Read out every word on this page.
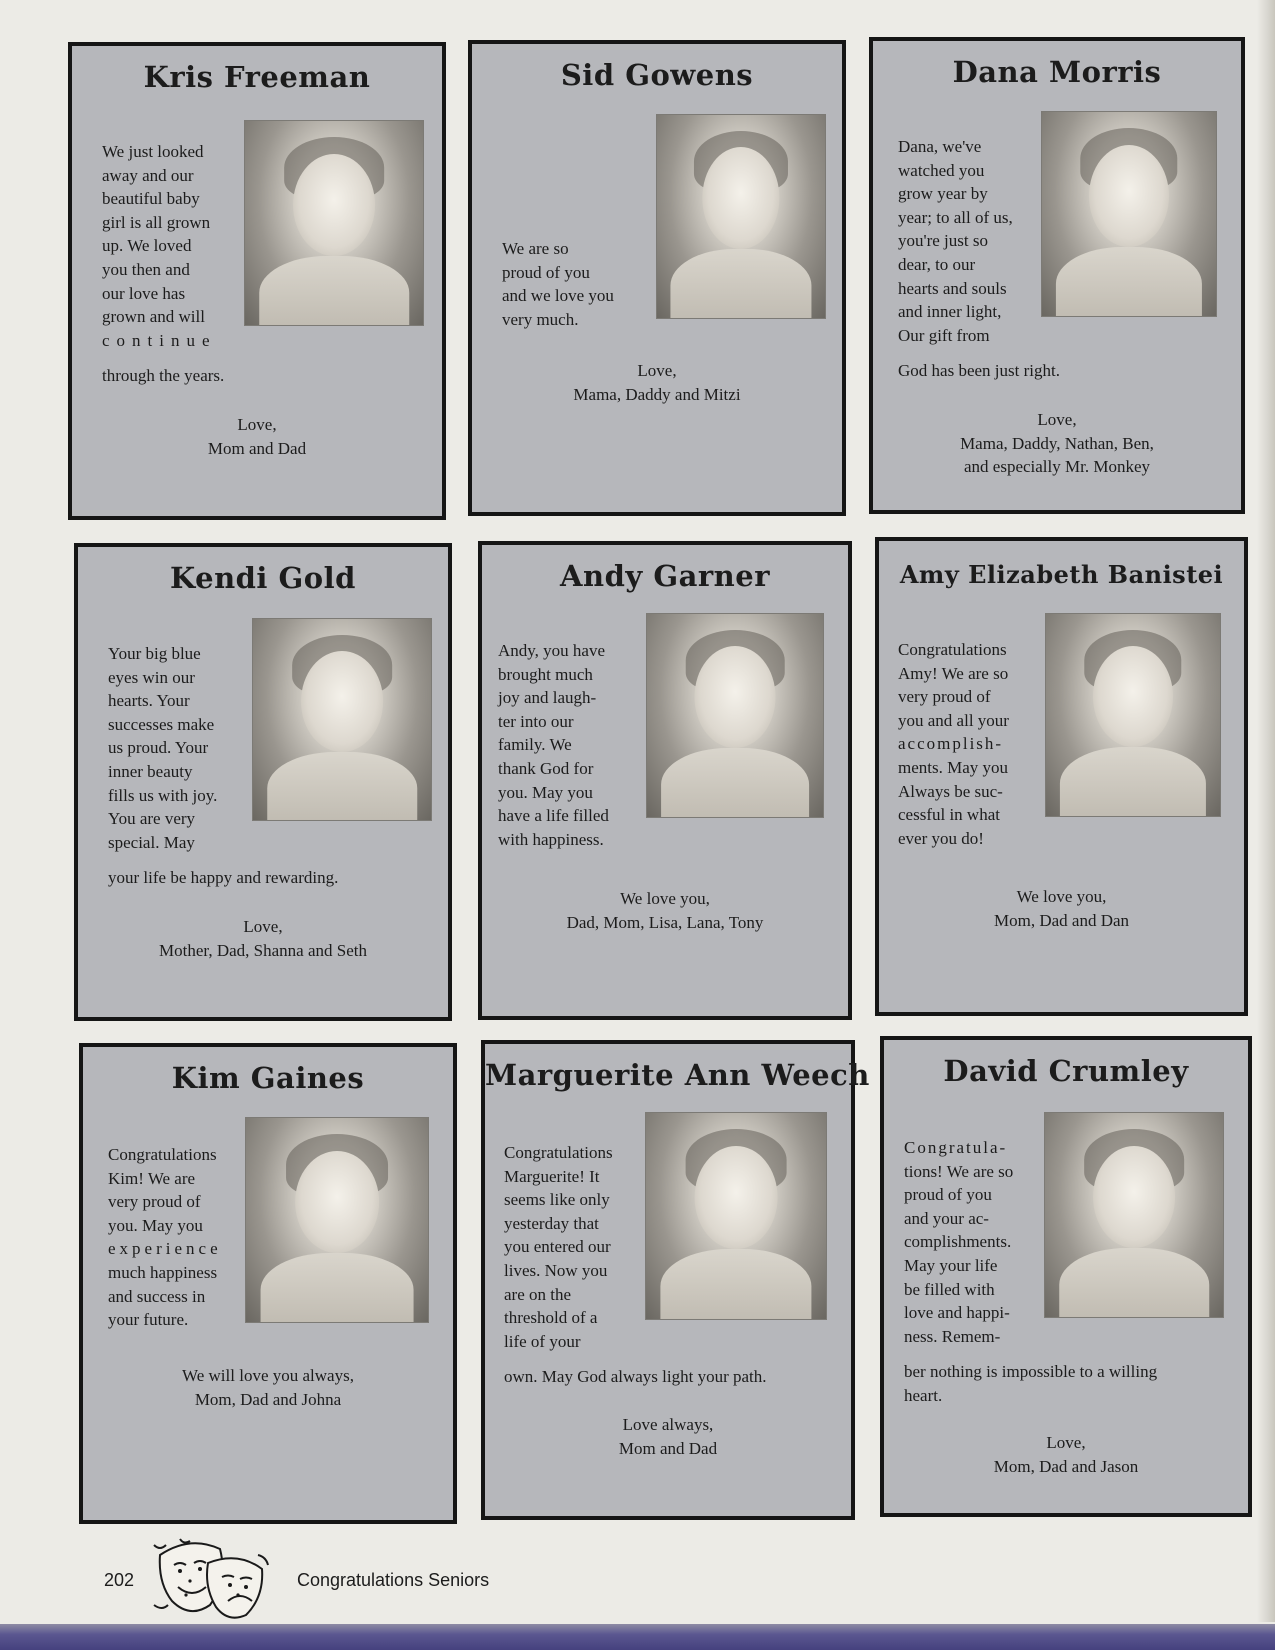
Kris Freeman
We just looked
away and our
beautiful baby
girl is all grown
up. We loved
you then and
our love has
grown and will
continue
through the years.
Love,
Mom and Dad
Sid Gowens
We are so
proud of you
and we love you
very much.
Love,
Mama, Daddy and Mitzi
Dana Morris
Dana, we've
watched you
grow year by
year; to all of us,
you're just so
dear, to our
hearts and souls
and inner light,
Our gift from
God has been just right.
Love,
Mama, Daddy, Nathan, Ben,
and especially Mr. Monkey
Kendi Gold
Your big blue
eyes win our
hearts. Your
successes make
us proud. Your
inner beauty
fills us with joy.
You are very
special. May
your life be happy and rewarding.
Love,
Mother, Dad, Shanna and Seth
Andy Garner
Andy, you have
brought much
joy and laugh-
ter into our
family. We
thank God for
you. May you
have a life filled
with happiness.
We love you,
Dad, Mom, Lisa, Lana, Tony
Amy Elizabeth Banistei
Congratulations
Amy! We are so
very proud of
you and all your
accomplish-
ments. May you
Always be suc-
cessful in what
ever you do!
We love you,
Mom, Dad and Dan
Kim Gaines
Congratulations
Kim! We are
very proud of
you. May you
experience
much happiness
and success in
your future.
We will love you always,
Mom, Dad and Johna
Marguerite Ann Weech
Congratulations
Marguerite! It
seems like only
yesterday that
you entered our
lives. Now you
are on the
threshold of a
life of your
own. May God always light your path.
Love always,
Mom and Dad
David Crumley
Congratula-
tions! We are so
proud of you
and your ac-
complishments.
May your life
be filled with
love and happi-
ness. Remem-
ber nothing is impossible to a willing
heart.
Love,
Mom, Dad and Jason
202	Congratulations Seniors
